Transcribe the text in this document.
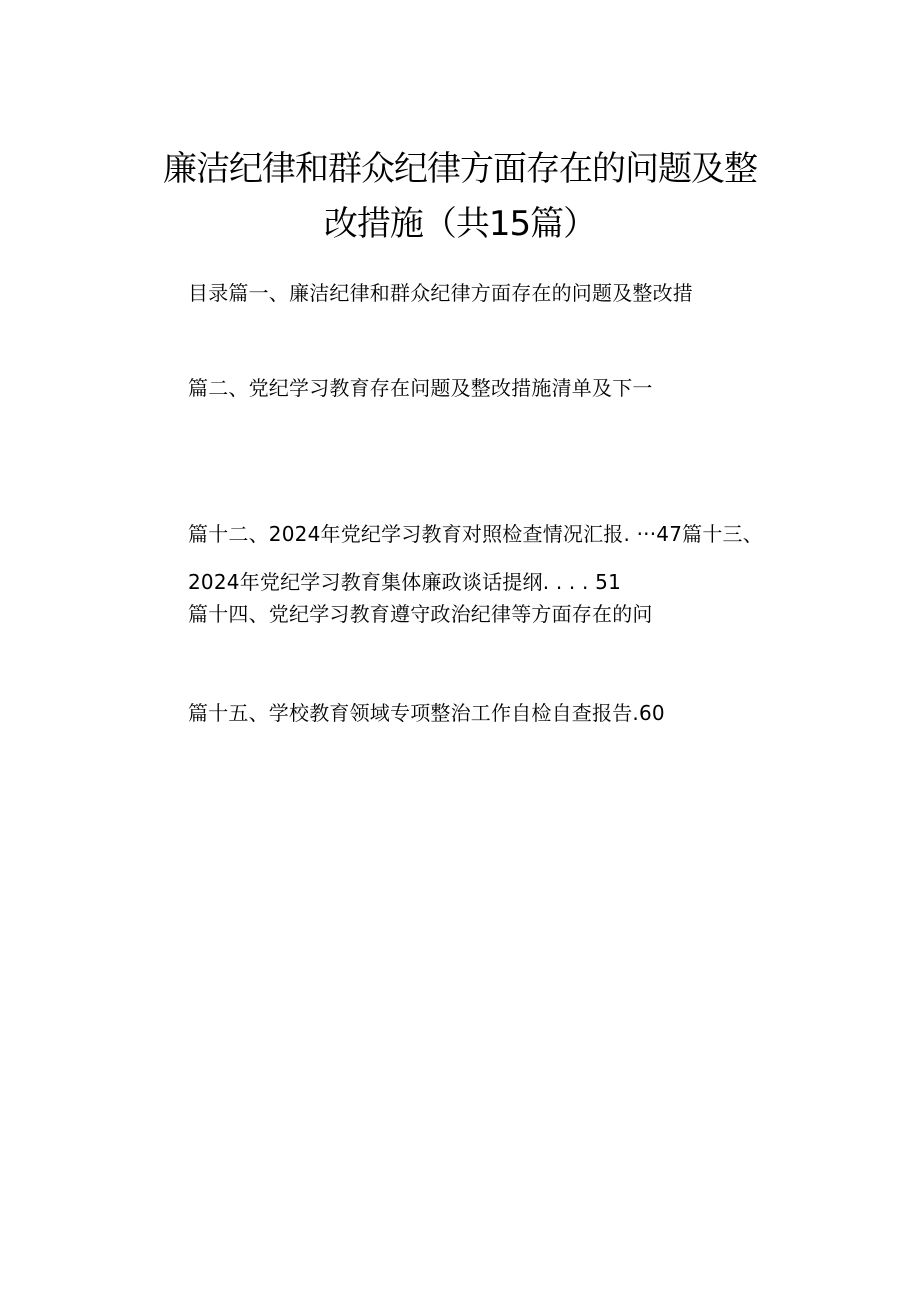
廉洁纪律和群众纪律方面存在的问题及整
改措施（共15篇）
目录篇一、廉洁纪律和群众纪律方面存在的问题及整改措
篇二、党纪学习教育存在问题及整改措施清单及下一
篇十二、2024年党纪学习教育对照检查情况汇报. ···47篇十三、
2024年党纪学习教育集体廉政谈话提纲. . . . 51
篇十四、党纪学习教育遵守政治纪律等方面存在的问
篇十五、学校教育领域专项整治工作自检自查报告.60
